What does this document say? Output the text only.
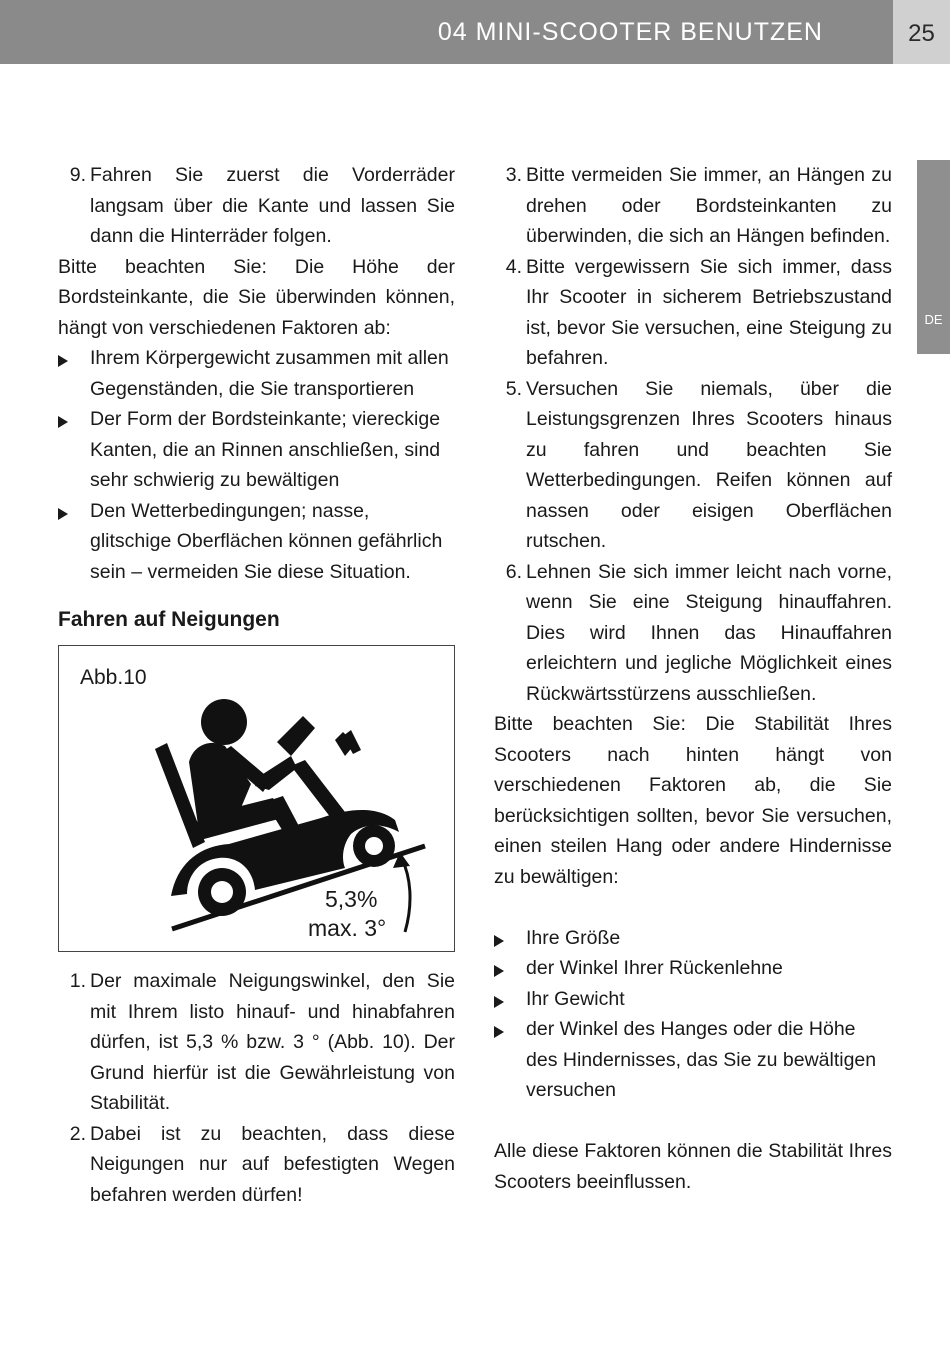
04 MINI-SCOOTER BENUTZEN	25
DE
9. Fahren Sie zuerst die Vorderräder langsam über die Kante und lassen Sie dann die Hinterräder folgen.
Bitte beachten Sie: Die Höhe der Bordsteinkante, die Sie überwinden können, hängt von verschiedenen Faktoren ab:
Ihrem Körpergewicht zusammen mit allen Gegenständen, die Sie transportieren
Der Form der Bordsteinkante; viereckige Kanten, die an Rinnen anschließen, sind sehr schwierig zu bewältigen
Den Wetterbedingungen; nasse, glitschige Oberflächen können gefährlich sein – vermeiden Sie diese Situation.
Fahren auf Neigungen
Abb.10
5,3%
max. 3°
1. Der maximale Neigungswinkel, den Sie mit Ihrem listo hinauf- und hinabfahren dürfen, ist 5,3 % bzw. 3 ° (Abb. 10). Der Grund hierfür ist die Gewährleistung von Stabilität.
2. Dabei ist zu beachten, dass diese Neigungen nur auf befestigten Wegen befahren werden dürfen!
3. Bitte vermeiden Sie immer, an Hängen zu drehen oder Bordsteinkanten zu überwinden, die sich an Hängen befinden.
4. Bitte vergewissern Sie sich immer, dass Ihr Scooter in sicherem Betriebszustand ist, bevor Sie versuchen, eine Steigung zu befahren.
5. Versuchen Sie niemals, über die Leistungsgrenzen Ihres Scooters hinaus zu fahren und beachten Sie Wetterbedingungen. Reifen können auf nassen oder eisigen Oberflächen rutschen.
6. Lehnen Sie sich immer leicht nach vorne, wenn Sie eine Steigung hinauffahren. Dies wird Ihnen das Hinauffahren erleichtern und jegliche Möglichkeit eines Rückwärtsstürzens ausschließen.
Bitte beachten Sie: Die Stabilität Ihres Scooters nach hinten hängt von verschiedenen Faktoren ab, die Sie berücksichtigen sollten, bevor Sie versuchen, einen steilen Hang oder andere Hindernisse zu bewältigen:
Ihre Größe
der Winkel Ihrer Rückenlehne
Ihr Gewicht
der Winkel des Hanges oder die Höhe des Hindernisses, das Sie zu bewältigen versuchen
Alle diese Faktoren können die Stabilität Ihres Scooters beeinflussen.
